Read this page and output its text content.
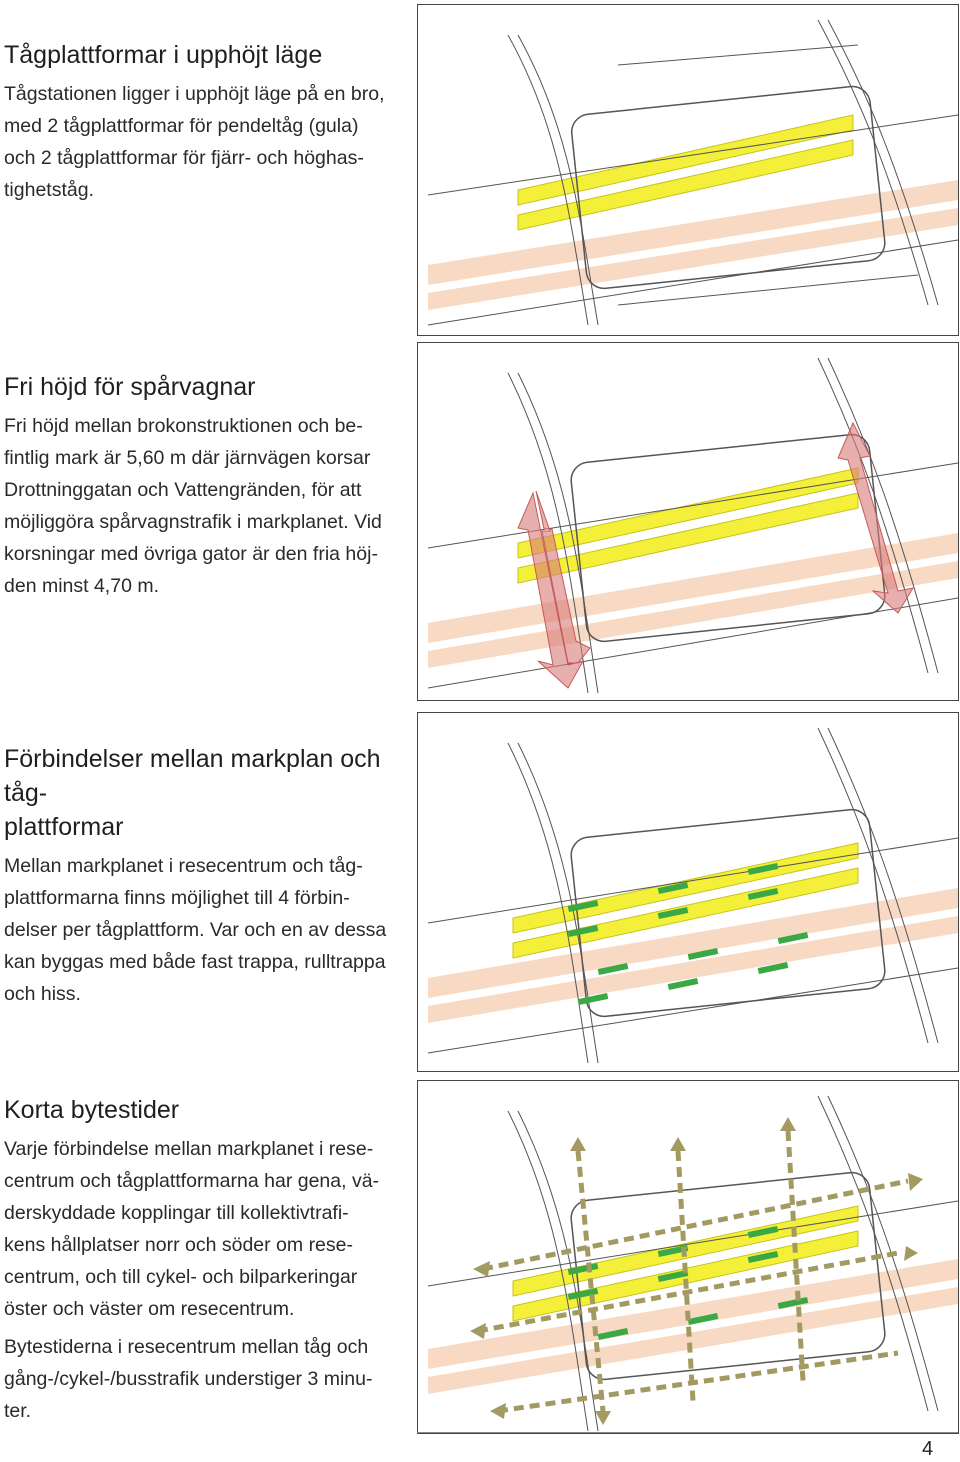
Tågplattformar i upphöjt läge
Tågstationen ligger i upphöjt läge på en bro,
med 2 tågplattformar för pendeltåg (gula)
och 2 tågplattformar för fjärr- och höghas-
tighetståg.
Fri höjd för spårvagnar
Fri höjd mellan brokonstruktionen och be-
fintlig mark är 5,60 m där järnvägen korsar
Drottninggatan och Vattengränden, för att
möjliggöra spårvagnstrafik i markplanet. Vid
korsningar med övriga gator är den fria höj-
den minst 4,70 m.
Förbindelser mellan markplan och tåg-
plattformar
Mellan markplanet i resecentrum och tåg-
plattformarna finns möjlighet till 4 förbin-
delser per tågplattform. Var och en av dessa
kan byggas med både fast trappa, rulltrappa
och hiss.
Korta bytestider
Varje förbindelse mellan markplanet i rese-
centrum och tågplattformarna har gena, vä-
derskyddade kopplingar till kollektivtrafi-
kens hållplatser norr och söder om rese-
centrum, och till cykel- och bilparkeringar
öster och väster om resecentrum.
Bytestiderna i resecentrum mellan tåg och
gång-/cykel-/busstrafik understiger 3 minu-
ter.
4
